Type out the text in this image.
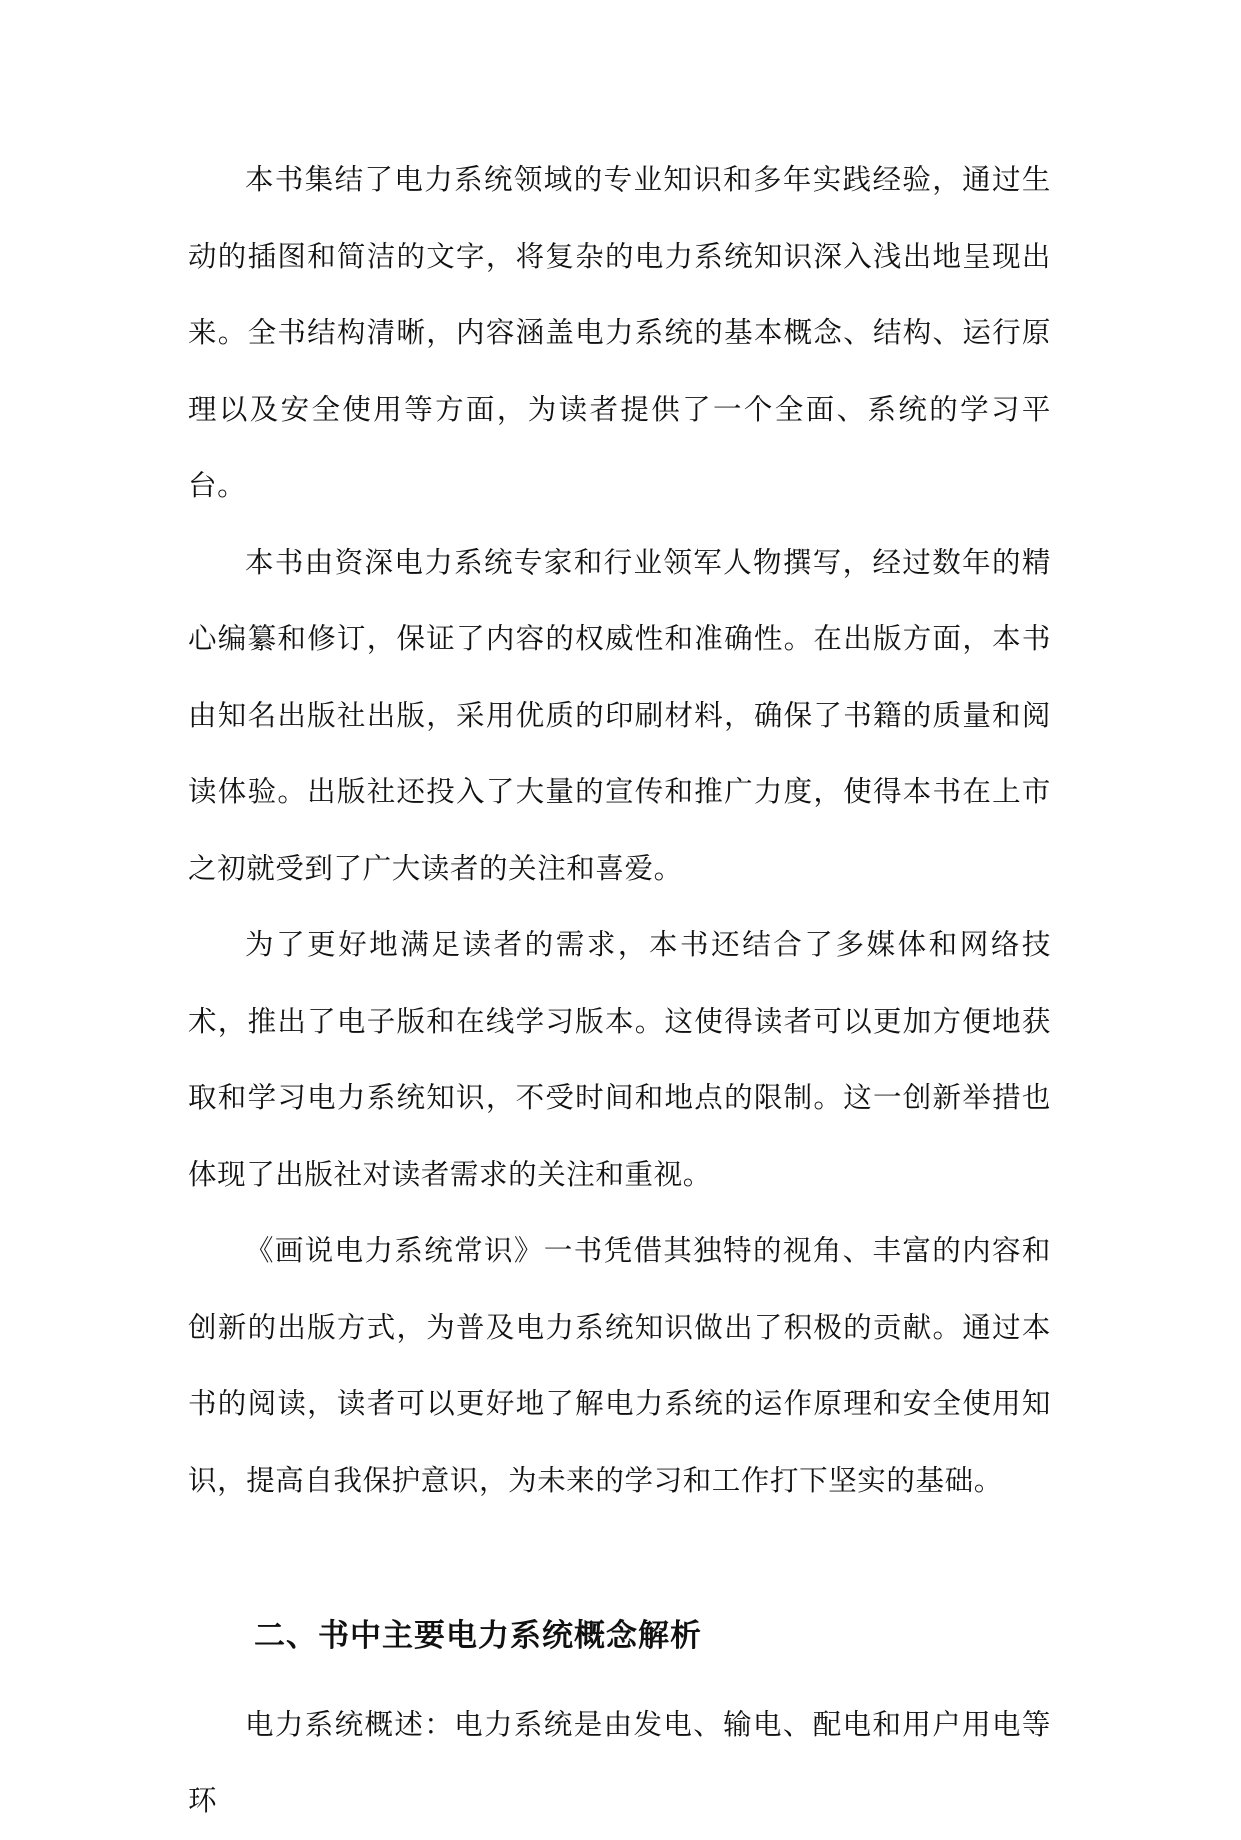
本书集结了电力系统领域的专业知识和多年实践经验，通过生动的插图和简洁的文字，将复杂的电力系统知识深入浅出地呈现出来。全书结构清晰，内容涵盖电力系统的基本概念、结构、运行原理以及安全使用等方面，为读者提供了一个全面、系统的学习平台。

本书由资深电力系统专家和行业领军人物撰写，经过数年的精心编纂和修订，保证了内容的权威性和准确性。在出版方面，本书由知名出版社出版，采用优质的印刷材料，确保了书籍的质量和阅读体验。出版社还投入了大量的宣传和推广力度，使得本书在上市之初就受到了广大读者的关注和喜爱。

为了更好地满足读者的需求，本书还结合了多媒体和网络技术，推出了电子版和在线学习版本。这使得读者可以更加方便地获取和学习电力系统知识，不受时间和地点的限制。这一创新举措也体现了出版社对读者需求的关注和重视。

《画说电力系统常识》一书凭借其独特的视角、丰富的内容和创新的出版方式，为普及电力系统知识做出了积极的贡献。通过本书的阅读，读者可以更好地了解电力系统的运作原理和安全使用知识，提高自我保护意识，为未来的学习和工作打下坚实的基础。

二、书中主要电力系统概念解析

电力系统概述：电力系统是由发电、输电、配电和用户用电等环
